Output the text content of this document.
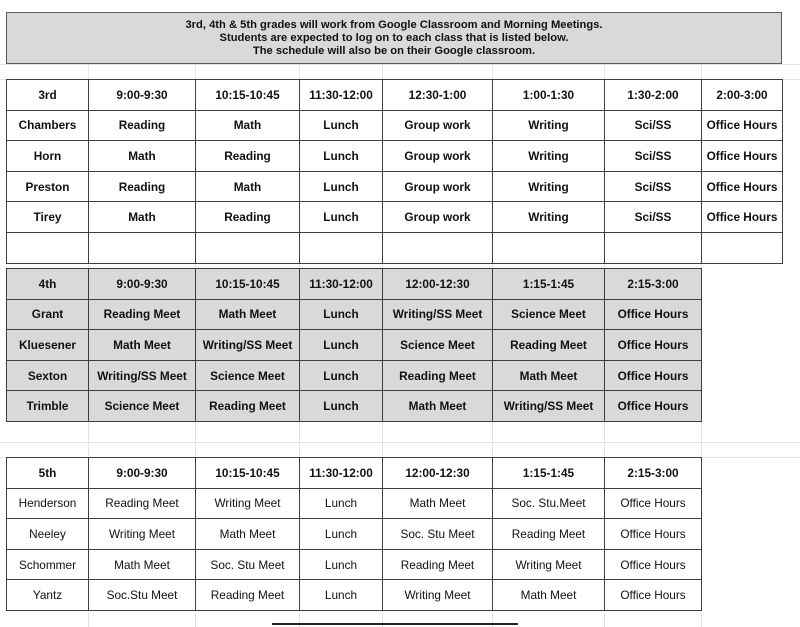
3rd, 4th & 5th grades will work from Google Classroom and Morning Meetings.
Students are expected to log on to each class that is listed below.
The schedule will also be on their Google classroom.
3rd	9:00-9:30	10:15-10:45	11:30-12:00	12:30-1:00	1:00-1:30	1:30-2:00	2:00-3:00
Chambers	Reading	Math	Lunch	Group work	Writing	Sci/SS	Office Hours
Horn	Math	Reading	Lunch	Group work	Writing	Sci/SS	Office Hours
Preston	Reading	Math	Lunch	Group work	Writing	Sci/SS	Office Hours
Tirey	Math	Reading	Lunch	Group work	Writing	Sci/SS	Office Hours

4th	9:00-9:30	10:15-10:45	11:30-12:00	12:00-12:30	1:15-1:45	2:15-3:00
Grant	Reading Meet	Math Meet	Lunch	Writing/SS Meet	Science Meet	Office Hours
Kluesener	Math Meet	Writing/SS Meet	Lunch	Science Meet	Reading Meet	Office Hours
Sexton	Writing/SS Meet	Science Meet	Lunch	Reading Meet	Math Meet	Office Hours
Trimble	Science Meet	Reading Meet	Lunch	Math Meet	Writing/SS Meet	Office Hours
5th	9:00-9:30	10:15-10:45	11:30-12:00	12:00-12:30	1:15-1:45	2:15-3:00
Henderson	Reading Meet	Writing Meet	Lunch	Math Meet	Soc. Stu.Meet	Office Hours
Neeley	Writing Meet	Math Meet	Lunch	Soc. Stu Meet	Reading Meet	Office Hours
Schommer	Math Meet	Soc. Stu Meet	Lunch	Reading Meet	Writing Meet	Office Hours
Yantz	Soc.Stu Meet	Reading Meet	Lunch	Writing Meet	Math Meet	Office Hours
